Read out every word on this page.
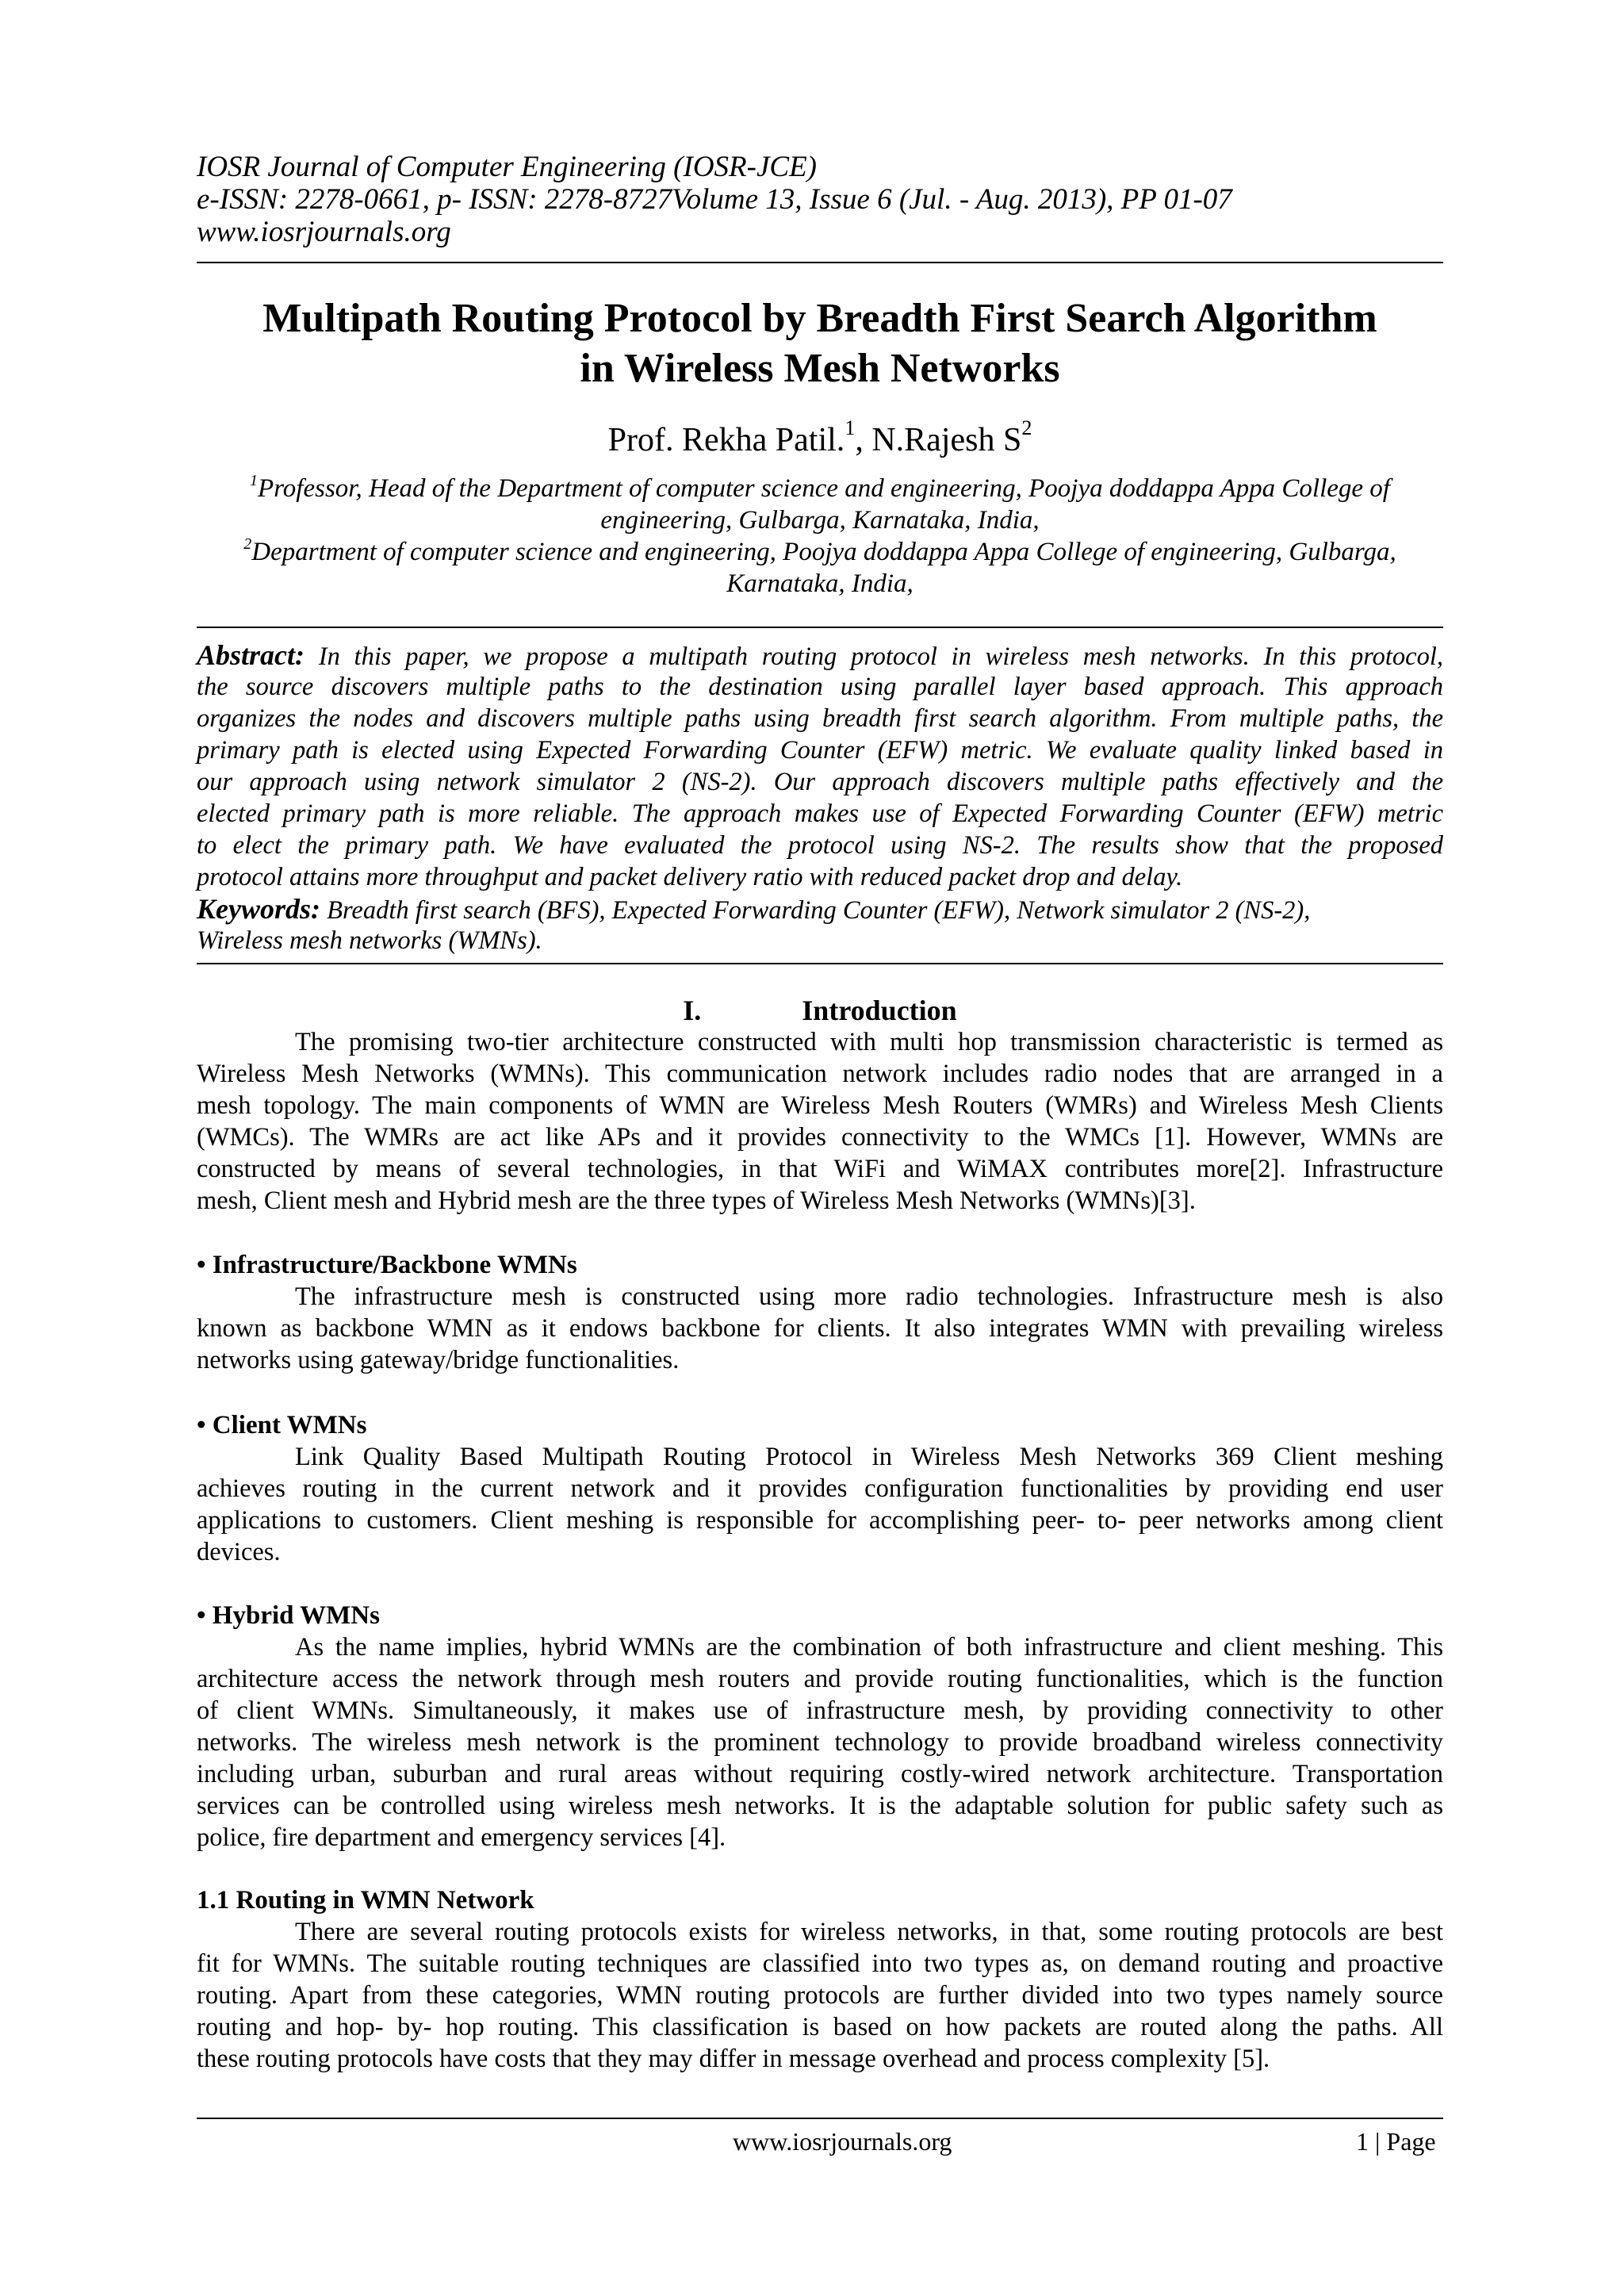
IOSR Journal of Computer Engineering (IOSR-JCE)
e-ISSN: 2278-0661, p- ISSN: 2278-8727Volume 13, Issue 6 (Jul. - Aug. 2013), PP 01-07
www.iosrjournals.org
Multipath Routing Protocol by Breadth First Search Algorithm
in Wireless Mesh Networks
Prof. Rekha Patil.$^1$, N.Rajesh $S^2$
$^1$Professor, Head of the Department of computer science and engineering, Poojya doddappa Appa College of
engineering, Gulbarga, Karnataka, India,
$^2$Department of computer science and engineering, Poojya doddappa Appa College of engineering, Gulbarga,
Karnataka, India,
Abstract: In this paper, we propose a multipath routing protocol in wireless mesh networks. In this protocol,
the source discovers multiple paths to the destination using parallel layer based approach. This approach
organizes the nodes and discovers multiple paths using breadth first search algorithm. From multiple paths, the
primary path is elected using Expected Forwarding Counter (EFW) metric. We evaluate quality linked based in
our approach using network simulator 2 (NS-2). Our approach discovers multiple paths effectively and the
elected primary path is more reliable. The approach makes use of Expected Forwarding Counter (EFW) metric
to elect the primary path. We have evaluated the protocol using NS-2. The results show that the proposed
protocol attains more throughput and packet delivery ratio with reduced packet drop and delay.
Keywords: Breadth first search (BFS), Expected Forwarding Counter (EFW), Network simulator 2 (NS-2),
Wireless mesh networks (WMNs).
I.	Introduction
The promising two-tier architecture constructed with multi hop transmission characteristic is termed as
Wireless Mesh Networks (WMNs). This communication network includes radio nodes that are arranged in a
mesh topology. The main components of WMN are Wireless Mesh Routers (WMRs) and Wireless Mesh Clients
(WMCs). The WMRs are act like APs and it provides connectivity to the WMCs [1]. However, WMNs are
constructed by means of several technologies, in that WiFi and WiMAX contributes more[2]. Infrastructure
mesh, Client mesh and Hybrid mesh are the three types of Wireless Mesh Networks (WMNs)[3].
• Infrastructure/Backbone WMNs
The infrastructure mesh is constructed using more radio technologies. Infrastructure mesh is also
known as backbone WMN as it endows backbone for clients. It also integrates WMN with prevailing wireless
networks using gateway/bridge functionalities.
• Client WMNs
Link Quality Based Multipath Routing Protocol in Wireless Mesh Networks 369 Client meshing
achieves routing in the current network and it provides configuration functionalities by providing end user
applications to customers. Client meshing is responsible for accomplishing peer- to- peer networks among client
devices.
• Hybrid WMNs
As the name implies, hybrid WMNs are the combination of both infrastructure and client meshing. This
architecture access the network through mesh routers and provide routing functionalities, which is the function
of client WMNs. Simultaneously, it makes use of infrastructure mesh, by providing connectivity to other
networks. The wireless mesh network is the prominent technology to provide broadband wireless connectivity
including urban, suburban and rural areas without requiring costly-wired network architecture. Transportation
services can be controlled using wireless mesh networks. It is the adaptable solution for public safety such as
police, fire department and emergency services [4].
1.1 Routing in WMN Network
There are several routing protocols exists for wireless networks, in that, some routing protocols are best
fit for WMNs. The suitable routing techniques are classified into two types as, on demand routing and proactive
routing. Apart from these categories, WMN routing protocols are further divided into two types namely source
routing and hop- by- hop routing. This classification is based on how packets are routed along the paths. All
these routing protocols have costs that they may differ in message overhead and process complexity [5].
www.iosrjournals.org	1 | Page
